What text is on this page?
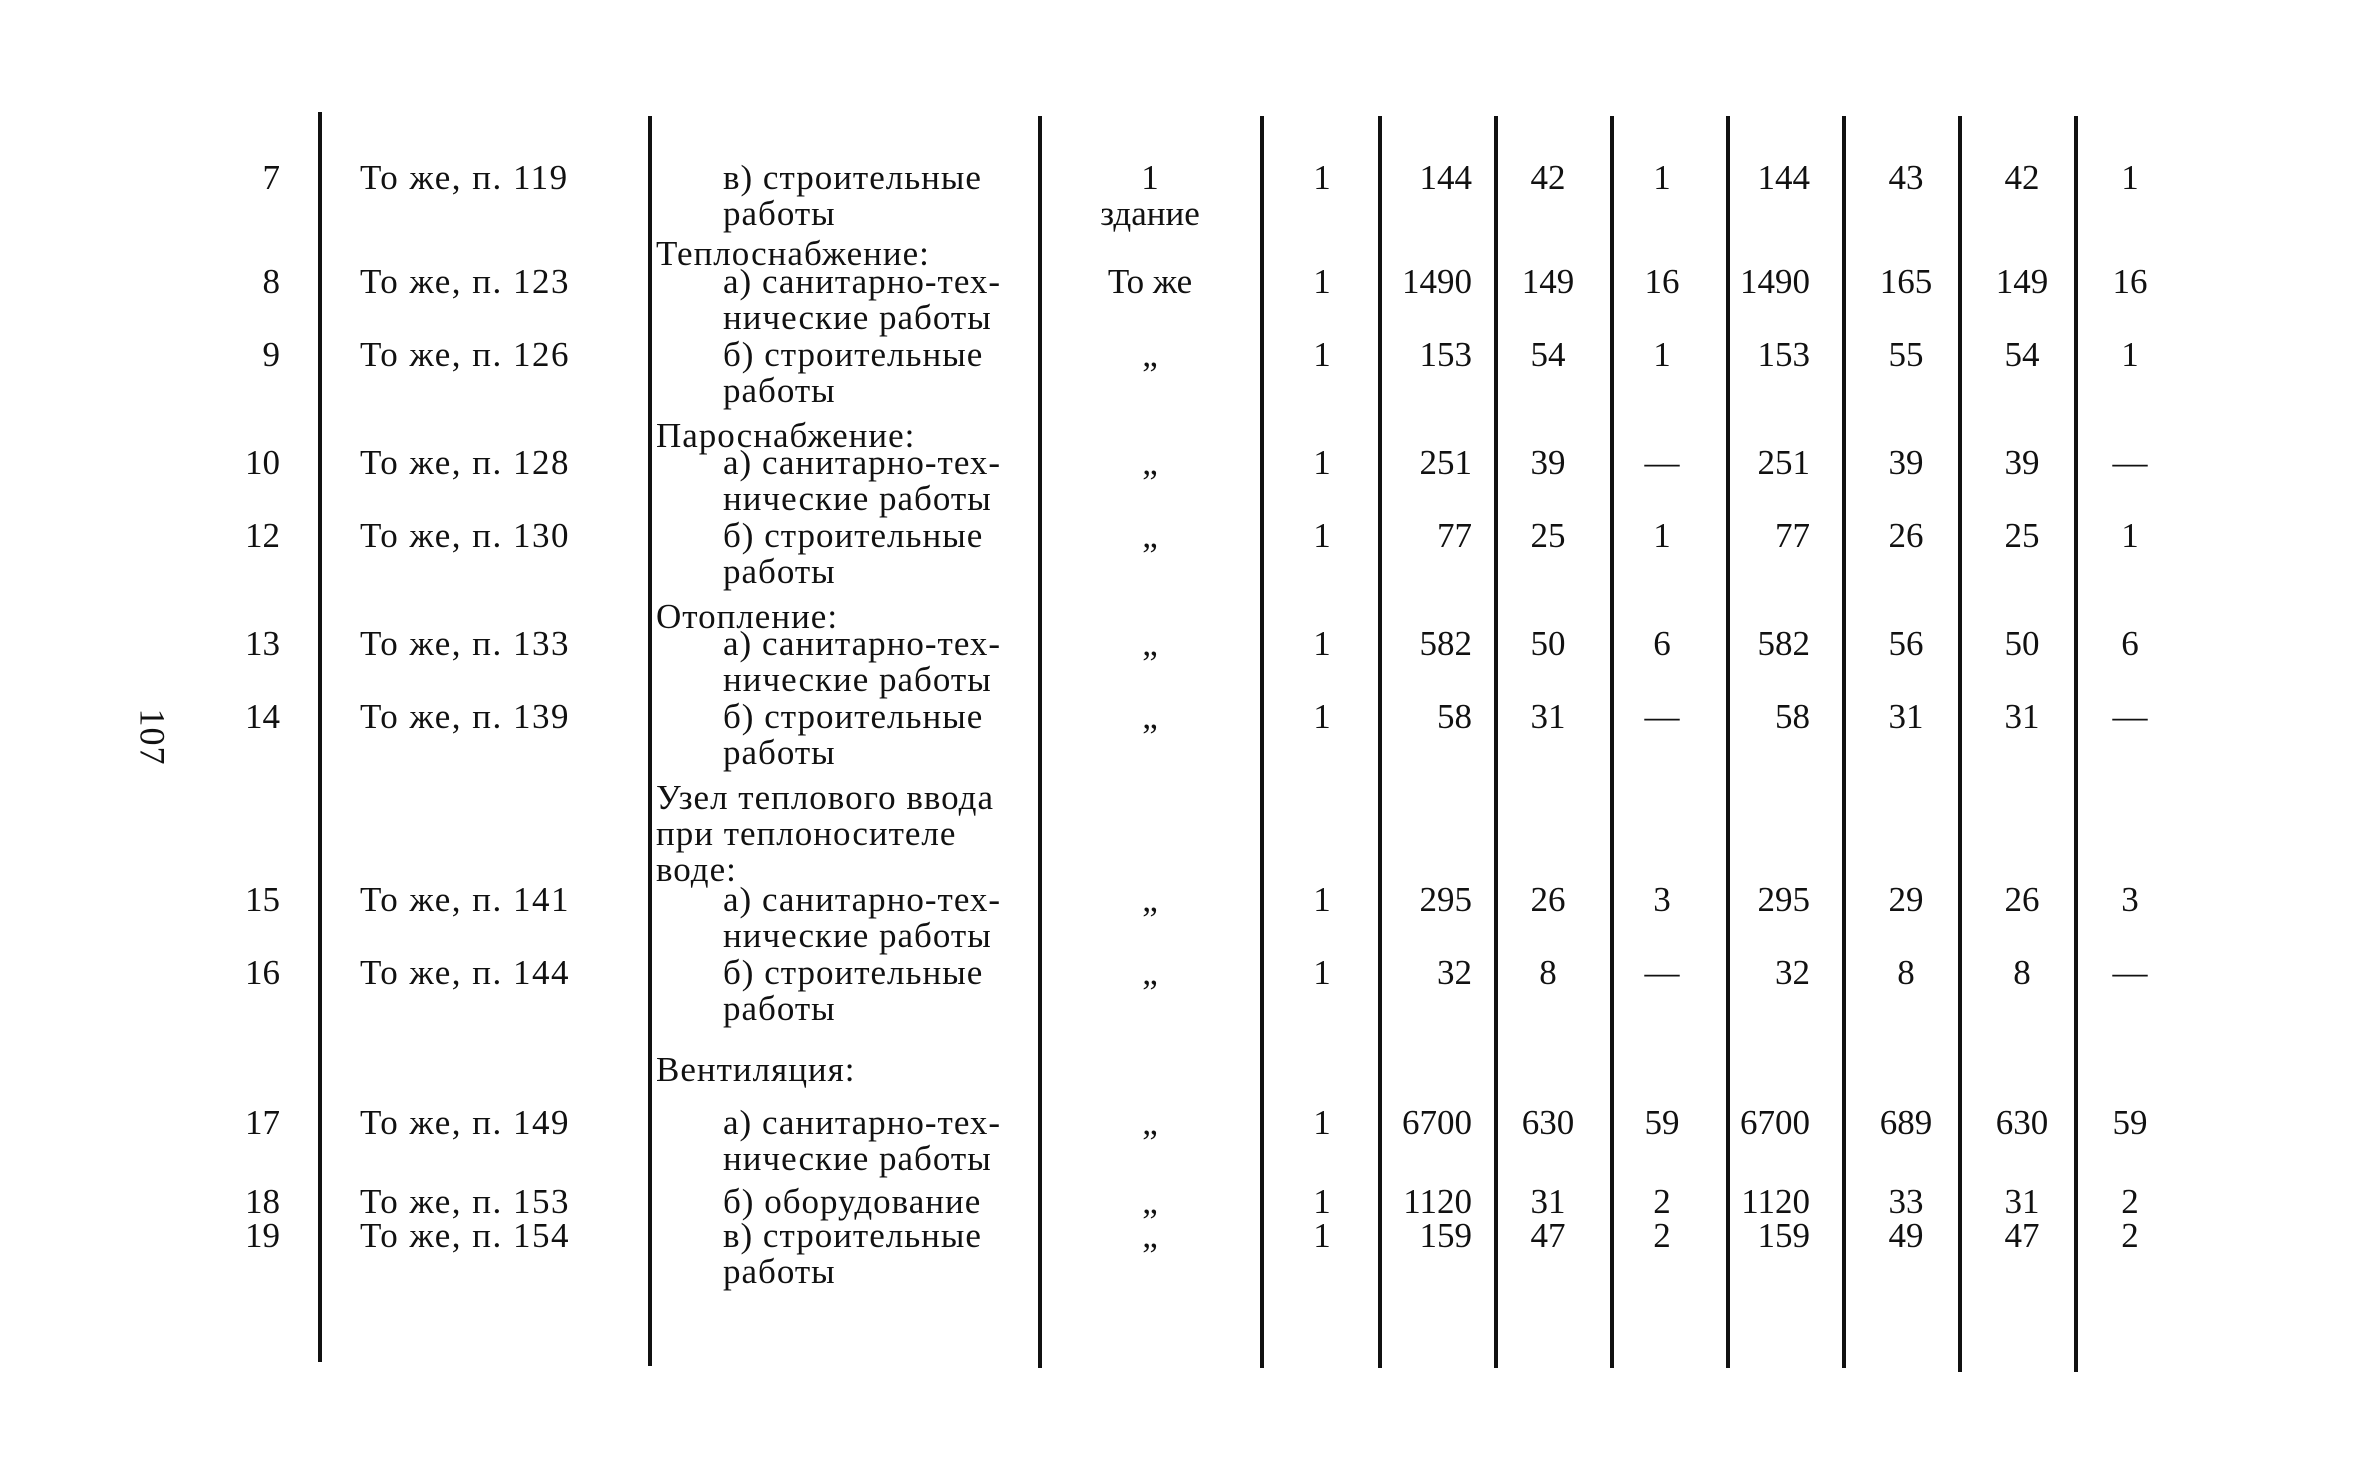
107
Теплоснабжение:
Пароснабжение:
Отопление:
Узел теплового ввода
при теплоносителе
воде:
Вентиляция:
7 То же, п. 119	в) строительные
работы
1
здание
1	144	42	1	144	43	42	1
8 То же, п. 123	а) санитарно-тех-
нические работы
То же	1	1490	149	16	1490	165	149	16
9 То же, п. 126	б) строительные
работы
„	1	153	54	1	153	55	54	1
10 То же, п. 128	а) санитарно-тех-
нические работы
„	1	251	39	—	251	39	39	—
12 То же, п. 130	б) строительные
работы
„	1	77	25	1	77	26	25	1
13 То же, п. 133	а) санитарно-тех-
нические работы
„	1	582	50	6	582	56	50	6
14 То же, п. 139	б) строительные
работы
„	1	58	31	—	58	31	31	—
15 То же, п. 141	а) санитарно-тех-
нические работы
„	1	295	26	3	295	29	26	3
16 То же, п. 144	б) строительные
работы
„	1	32	8	—	32	8	8	—
17 То же, п. 149	а) санитарно-тех-
нические работы
„	1	6700	630	59	6700	689	630	59
18 То же, п. 153	б) оборудование	„	1	1120	31	2	1120	33	31	2
19 То же, п. 154	в) строительные
работы
„	1	159	47	2	159	49	47	2
